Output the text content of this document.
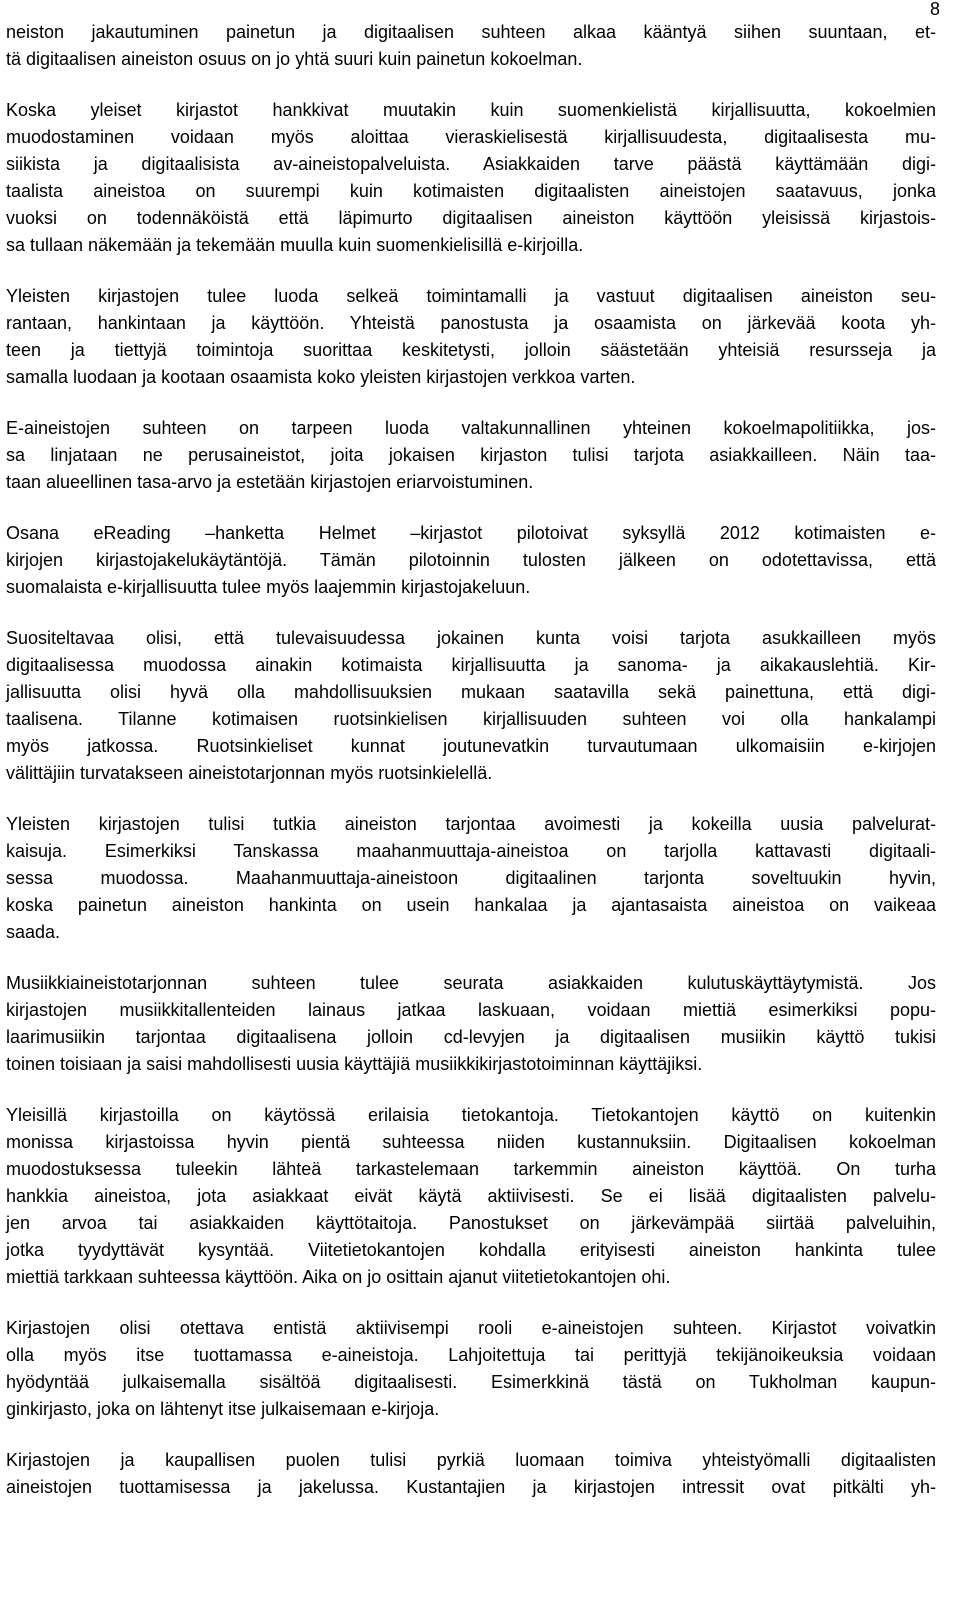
8
neiston jakautuminen painetun ja digitaalisen suhteen alkaa kääntyä siihen suuntaan, et-
tä digitaalisen aineiston osuus on jo yhtä suuri kuin painetun kokoelman.
Koska yleiset kirjastot hankkivat muutakin kuin suomenkielistä kirjallisuutta, kokoelmien
muodostaminen voidaan myös aloittaa vieraskielisestä kirjallisuudesta, digitaalisesta mu-
siikista ja digitaalisista av-aineistopalveluista. Asiakkaiden tarve päästä käyttämään digi-
taalista aineistoa on suurempi kuin kotimaisten digitaalisten aineistojen saatavuus, jonka
vuoksi on todennäköistä että läpimurto digitaalisen aineiston käyttöön yleisissä kirjastois-
sa tullaan näkemään ja tekemään muulla kuin suomenkielisillä e-kirjoilla.
Yleisten kirjastojen tulee luoda selkeä toimintamalli ja vastuut digitaalisen aineiston seu-
rantaan, hankintaan ja käyttöön. Yhteistä panostusta ja osaamista on järkevää koota yh-
teen ja tiettyjä toimintoja suorittaa keskitetysti, jolloin säästetään yhteisiä resursseja ja
samalla luodaan ja kootaan osaamista koko yleisten kirjastojen verkkoa varten.
E-aineistojen suhteen on tarpeen luoda valtakunnallinen yhteinen kokoelmapolitiikka, jos-
sa linjataan ne perusaineistot, joita jokaisen kirjaston tulisi tarjota asiakkailleen. Näin taa-
taan alueellinen tasa-arvo ja estetään kirjastojen eriarvoistuminen.
Osana eReading –hanketta Helmet –kirjastot pilotoivat syksyllä 2012 kotimaisten e-
kirjojen kirjastojakelukäytäntöjä. Tämän pilotoinnin tulosten jälkeen on odotettavissa, että
suomalaista e-kirjallisuutta tulee myös laajemmin kirjastojakeluun.
Suositeltavaa olisi, että tulevaisuudessa jokainen kunta voisi tarjota asukkailleen myös
digitaalisessa muodossa ainakin kotimaista kirjallisuutta ja sanoma- ja aikakauslehtiä. Kir-
jallisuutta olisi hyvä olla mahdollisuuksien mukaan saatavilla sekä painettuna, että digi-
taalisena. Tilanne kotimaisen ruotsinkielisen kirjallisuuden suhteen voi olla hankalampi
myös jatkossa. Ruotsinkieliset kunnat joutunevatkin turvautumaan ulkomaisiin e-kirjojen
välittäjiin turvatakseen aineistotarjonnan myös ruotsinkielellä.
Yleisten kirjastojen tulisi tutkia aineiston tarjontaa avoimesti ja kokeilla uusia palvelurat-
kaisuja. Esimerkiksi Tanskassa maahanmuuttaja-aineistoa on tarjolla kattavasti digitaali-
sessa muodossa. Maahanmuuttaja-aineistoon digitaalinen tarjonta soveltuukin hyvin,
koska painetun aineiston hankinta on usein hankalaa ja ajantasaista aineistoa on vaikeaa
saada.
Musiikkiaineistotarjonnan suhteen tulee seurata asiakkaiden kulutuskäyttäytymistä. Jos
kirjastojen musiikkitallenteiden lainaus jatkaa laskuaan, voidaan miettiä esimerkiksi popu-
laarimusiikin tarjontaa digitaalisena jolloin cd-levyjen ja digitaalisen musiikin käyttö tukisi
toinen toisiaan ja saisi mahdollisesti uusia käyttäjiä musiikkikirjastotoiminnan käyttäjiksi.
Yleisillä kirjastoilla on käytössä erilaisia tietokantoja. Tietokantojen käyttö on kuitenkin
monissa kirjastoissa hyvin pientä suhteessa niiden kustannuksiin. Digitaalisen kokoelman
muodostuksessa tuleekin lähteä tarkastelemaan tarkemmin aineiston käyttöä. On turha
hankkia aineistoa, jota asiakkaat eivät käytä aktiivisesti. Se ei lisää digitaalisten palvelu-
jen arvoa tai asiakkaiden käyttötaitoja. Panostukset on järkevämpää siirtää palveluihin,
jotka tyydyttävät kysyntää. Viitetietokantojen kohdalla erityisesti aineiston hankinta tulee
miettiä tarkkaan suhteessa käyttöön. Aika on jo osittain ajanut viitetietokantojen ohi.
Kirjastojen olisi otettava entistä aktiivisempi rooli e-aineistojen suhteen. Kirjastot voivatkin
olla myös itse tuottamassa e-aineistoja. Lahjoitettuja tai perittyjä tekijänoikeuksia voidaan
hyödyntää julkaisemalla sisältöä digitaalisesti. Esimerkkinä tästä on Tukholman kaupun-
ginkirjasto, joka on lähtenyt itse julkaisemaan e-kirjoja.
Kirjastojen ja kaupallisen puolen tulisi pyrkiä luomaan toimiva yhteistyömalli digitaalisten
aineistojen tuottamisessa ja jakelussa. Kustantajien ja kirjastojen intressit ovat pitkälti yh-
